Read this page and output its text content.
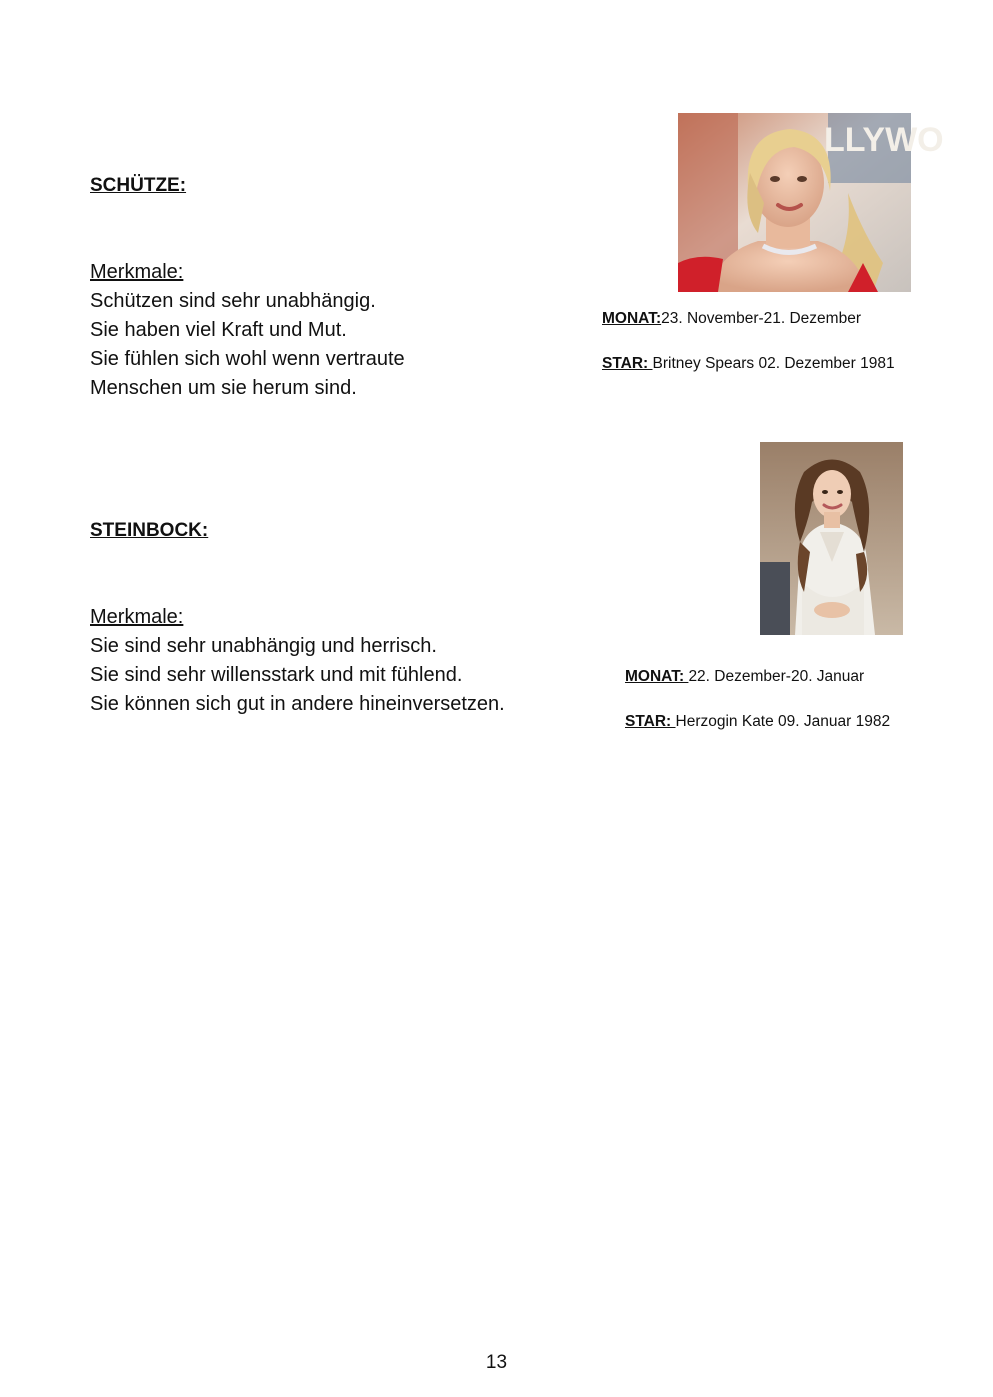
SCHÜTZE:
Merkmale:
Schützen sind sehr unabhängig.
Sie haben viel Kraft und Mut.
Sie fühlen sich wohl wenn vertraute
Menschen um sie herum sind.
LLYWO
MONAT:23. November-21. Dezember
STAR: Britney Spears 02. Dezember 1981
STEINBOCK:
Merkmale:
Sie sind sehr unabhängig und herrisch.
Sie sind sehr willensstark und mit fühlend.
Sie können sich gut in andere hineinversetzen.
MONAT: 22. Dezember-20. Januar
STAR: Herzogin Kate 09. Januar 1982
13
